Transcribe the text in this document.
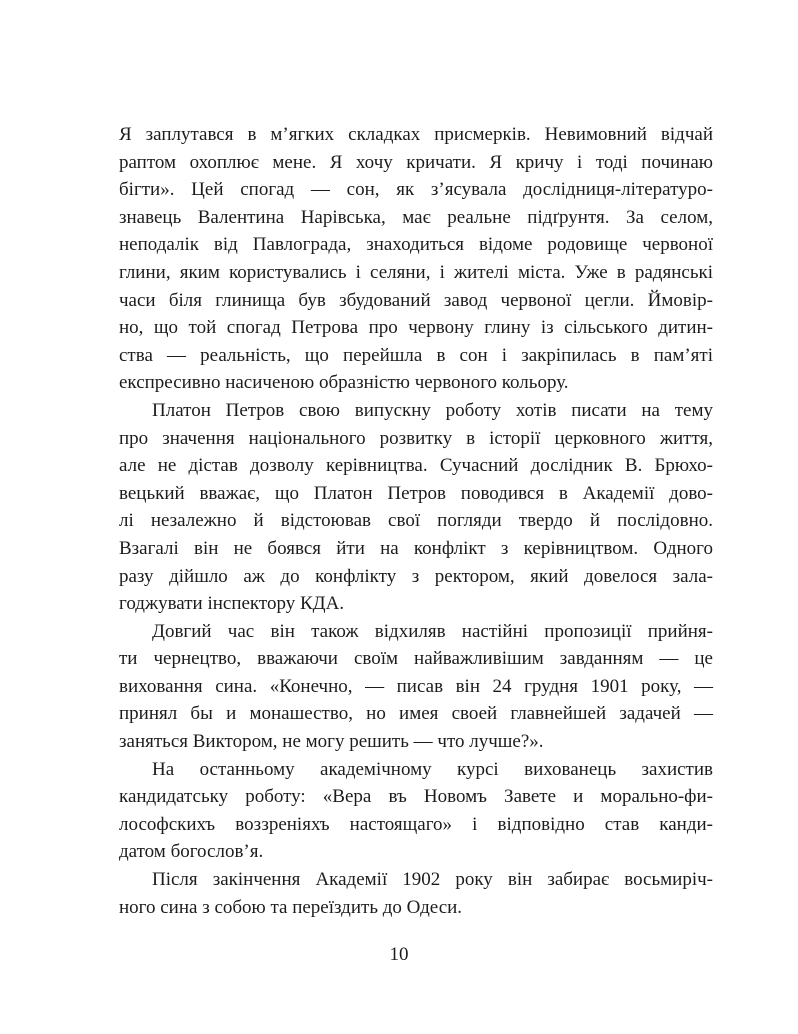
Я заплутався в м’ягких складках присмерків. Невимовний відчай
раптом охоплює мене. Я хочу кричати. Я кричу і тоді починаю
бігти». Цей спогад — сон, як з’ясувала дослідниця-літературо-
знавець Валентина Нарівська, має реальне підґрунтя. За селом,
неподалік від Павлограда, знаходиться відоме родовище червоної
глини, яким користувались і селяни, і жителі міста. Уже в радянські
часи біля глинища був збудований завод червоної цегли. Ймовір-
но, що той спогад Петрова про червону глину із сільського дитин-
ства — реальність, що перейшла в сон і закріпилась в пам’яті
експресивно насиченою образністю червоного кольору.
Платон Петров свою випускну роботу хотів писати на тему
про значення національного розвитку в історії церковного життя,
але не дістав дозволу керівництва. Сучасний дослідник В. Брюхо-
вецький вважає, що Платон Петров поводився в Академії дово-
лі незалежно й відстоював свої погляди твердо й послідовно.
Взагалі він не боявся йти на конфлікт з керівництвом. Одного
разу дійшло аж до конфлікту з ректором, який довелося зала-
годжувати інспектору КДА.
Довгий час він також відхиляв настійні пропозиції прийня-
ти чернецтво, вважаючи своїм найважливішим завданням — це
виховання сина. «Конечно, — писав він 24 грудня 1901 року, —
принял бы и монашество, но имея своей главнейшей задачей —
заняться Виктором, не могу решить — что лучше?».
На останньому академічному курсі вихованець захистив
кандидатську роботу: «Вера въ Новомъ Завете и морально-фи-
лософскихъ воззреніяхъ настоящаго» і відповідно став канди-
датом богослов’я.
Після закінчення Академії 1902 року він забирає восьмиріч-
ного сина з собою та переїздить до Одеси.
10
